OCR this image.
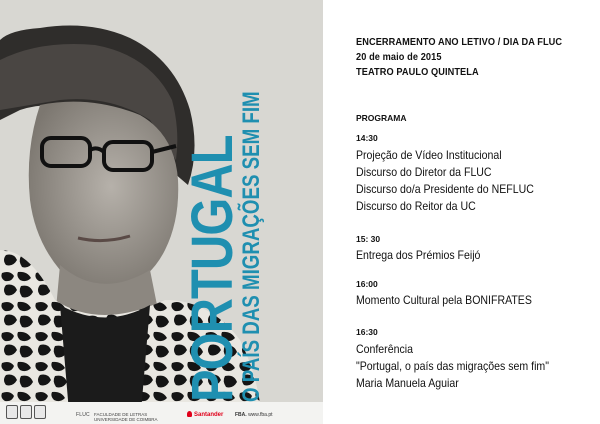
PORTUGAL
O PAÍS DAS MIGRAÇÕES SEM FIM
FLUC FACULDADE DE LETRAS
UNIVERSIDADE DE COIMBRA
Santander FBA. www.fba.pt
ENCERRAMENTO ANO LETIVO / DIA DA FLUC
20 de maio de 2015
TEATRO PAULO QUINTELA
PROGRAMA
14:30
Projeção de Vídeo Institucional
Discurso do Diretor da FLUC
Discurso do/a Presidente do NEFLUC
Discurso do Reitor da UC
15: 30
Entrega dos Prémios Feijó
16:00
Momento Cultural pela BONIFRATES
16:30
Conferência
"Portugal, o país das migrações sem fim"
Maria Manuela Aguiar
